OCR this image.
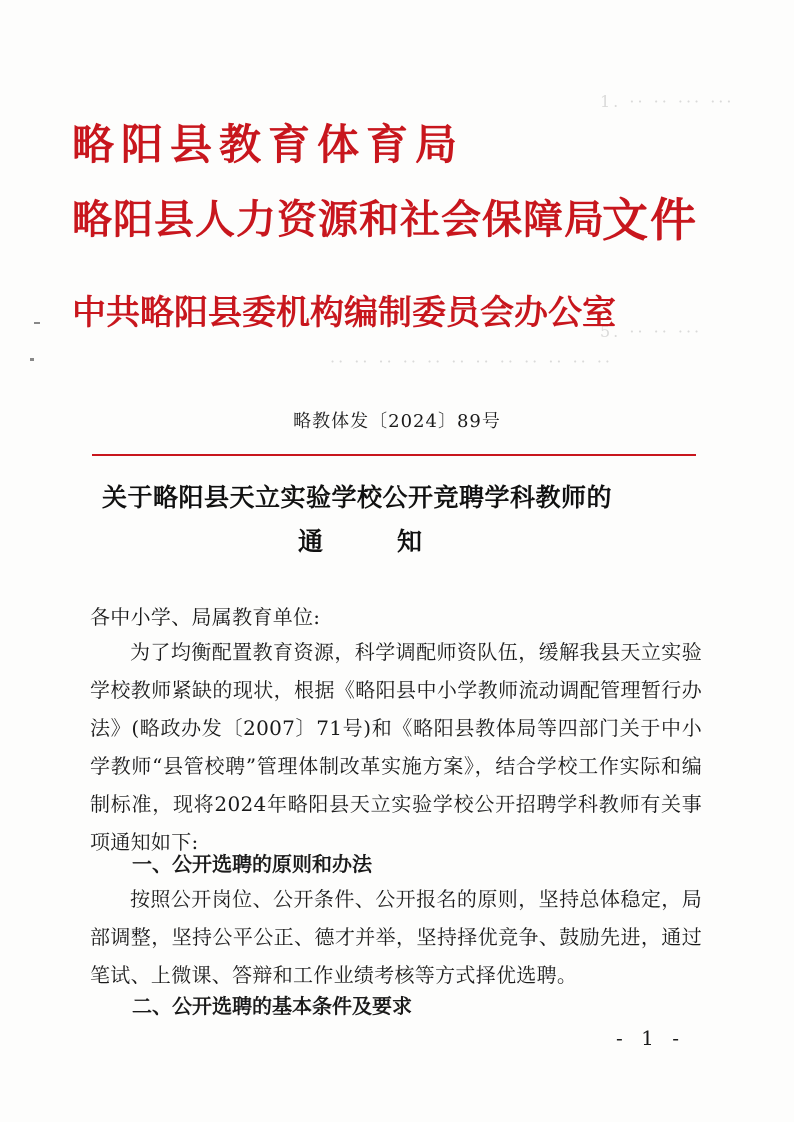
1. ·· ·· ··· ···
5. ·· ·· ···
·· ·· ·· ·· ·· ·· ·· ·· ·· ·· ·· ··
略阳县教育体育局
略阳县人力资源和社会保障局
文件
中共略阳县委机构编制委员会办公室
略教体发〔2024〕89号
关于略阳县天立实验学校公开竞聘学科教师的
通	知
各中小学、局属教育单位:
为了均衡配置教育资源，科学调配师资队伍，缓解我县天立实验学校教师紧缺的现状，根据《略阳县中小学教师流动调配管理暂行办法》(略政办发〔2007〕71号)和《略阳县教体局等四部门关于中小学教师“县管校聘”管理体制改革实施方案》，结合学校工作实际和编制标准，现将2024年略阳县天立实验学校公开招聘学科教师有关事项通知如下:
一、公开选聘的原则和办法
按照公开岗位、公开条件、公开报名的原则，坚持总体稳定，局部调整，坚持公平公正、德才并举，坚持择优竞争、鼓励先进，通过笔试、上微课、答辩和工作业绩考核等方式择优选聘。
二、公开选聘的基本条件及要求
- 1 -
